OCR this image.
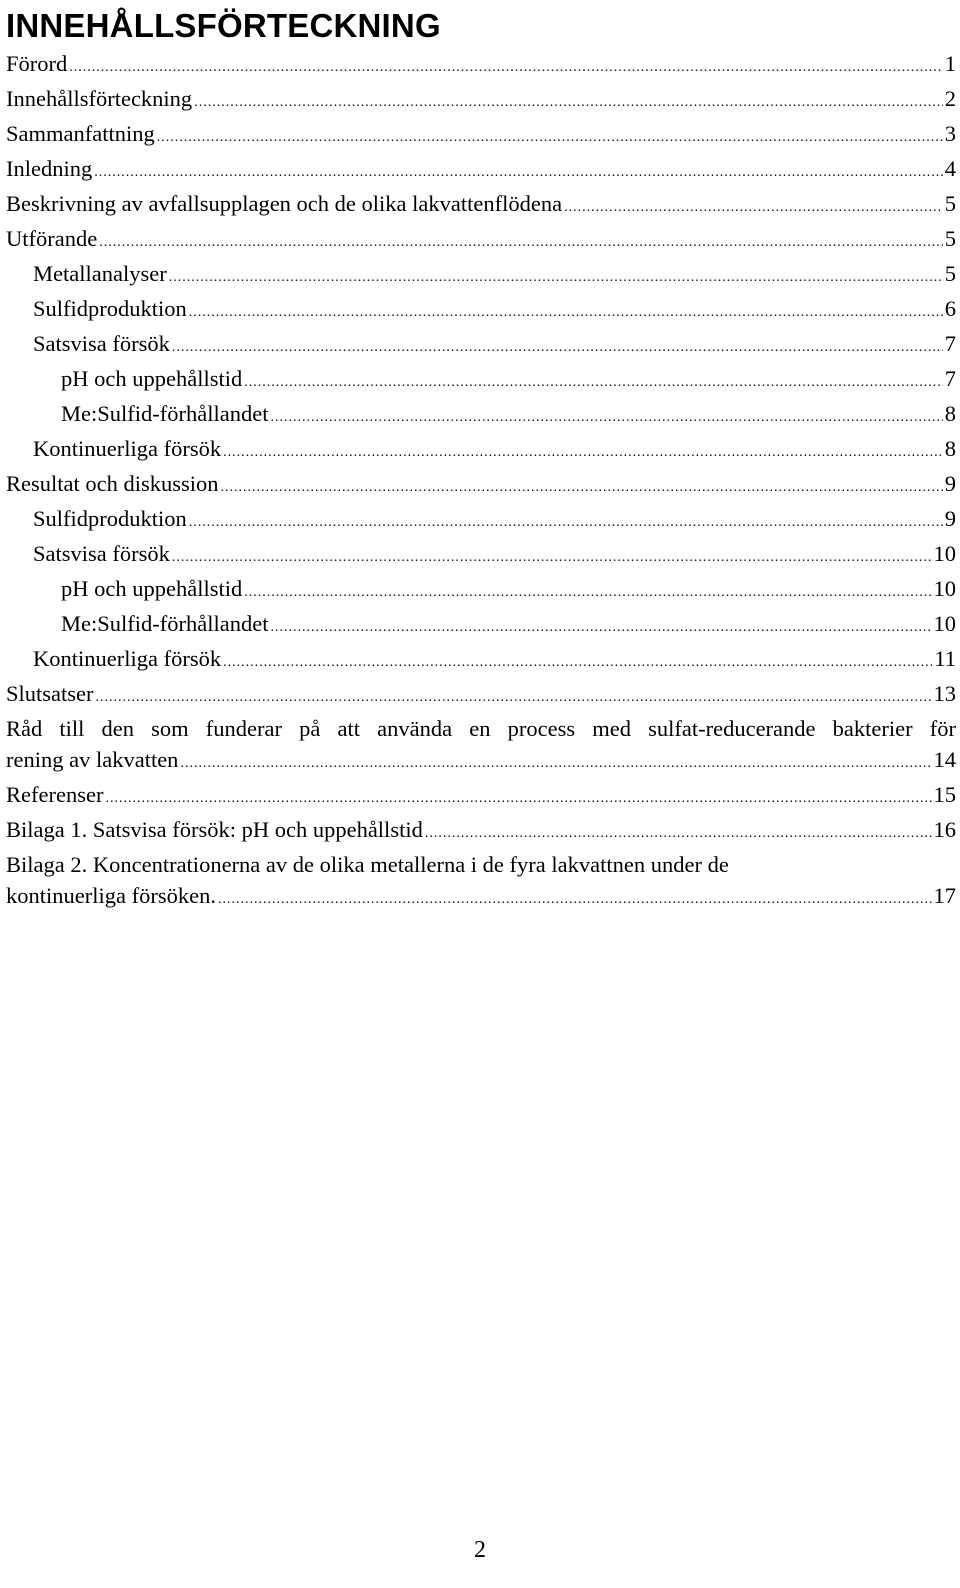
INNEHÅLLSFÖRTECKNING
Förord .....	1
Innehållsförteckning .....	2
Sammanfattning .....	3
Inledning .....	4
Beskrivning av avfallsupplagen och de olika lakvattenflödena .....	5
Utförande .....	5
Metallanalyser .....	5
Sulfidproduktion .....	6
Satsvisa försök .....	7
pH och uppehållstid .....	7
Me:Sulfid-förhållandet .....	8
Kontinuerliga försök .....	8
Resultat och diskussion .....	9
Sulfidproduktion .....	9
Satsvisa försök .....	10
pH och uppehållstid .....	10
Me:Sulfid-förhållandet .....	10
Kontinuerliga försök .....	11
Slutsatser .....	13
Råd till den som funderar på att använda en process med sulfat-reducerande bakterier för
rening av lakvatten .....	14
Referenser .....	15
Bilaga 1. Satsvisa försök: pH och uppehållstid .....	16
Bilaga 2. Koncentrationerna av de olika metallerna i de fyra lakvattnen under de
kontinuerliga försöken. .....	17
2
